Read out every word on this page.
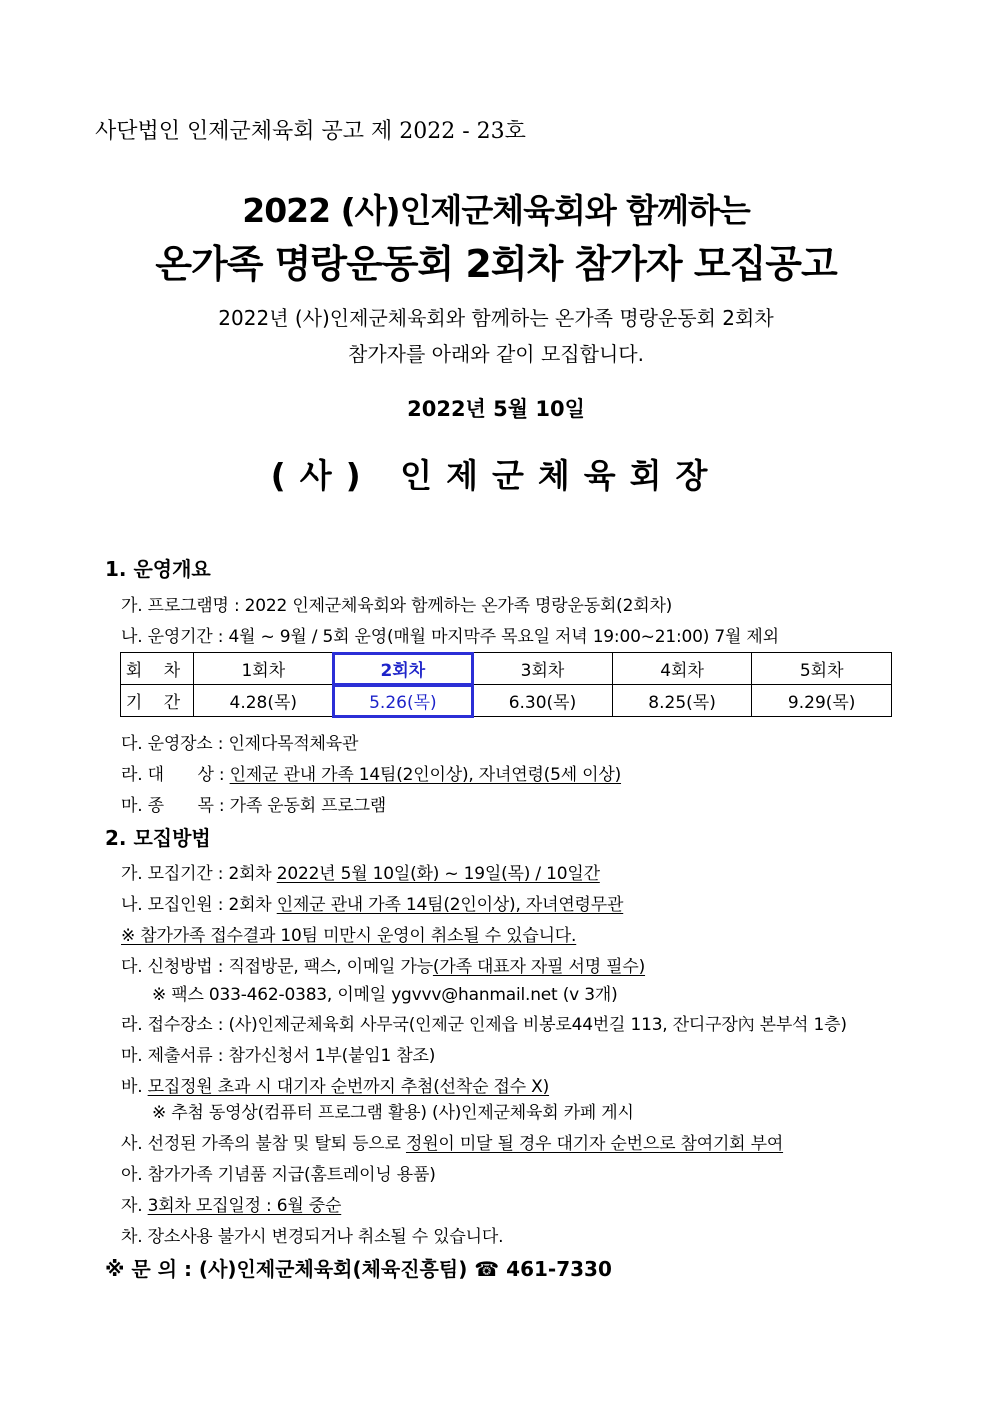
사단법인 인제군체육회 공고 제 2022 - 23호
2022 (사)인제군체육회와 함께하는
온가족 명랑운동회 2회차 참가자 모집공고
2022년 (사)인제군체육회와 함께하는 온가족 명랑운동회 2회차
참가자를 아래와 같이 모집합니다.
2022년 5월 10일
(사) 인제군체육회장
1. 운영개요
가. 프로그램명 : 2022 인제군체육회와 함께하는 온가족 명랑운동회(2회차)
나. 운영기간 : 4월 ~ 9월 / 5회 운영(매월 마지막주 목요일 저녁 19:00~21:00) 7월 제외
회 차	1회차	2회차	3회차	4회차	5회차
기 간	4.28(목)	5.26(목)	6.30(목)	8.25(목)	9.29(목)
다. 운영장소 : 인제다목적체육관
라. 대　　상 : 인제군 관내 가족 14팀(2인이상), 자녀연령(5세 이상)
마. 종　　목 : 가족 운동회 프로그램
2. 모집방법
가. 모집기간 : 2회차 2022년 5월 10일(화) ~ 19일(목) / 10일간
나. 모집인원 : 2회차 인제군 관내 가족 14팀(2인이상), 자녀연령무관
※ 참가가족 접수결과 10팀 미만시 운영이 취소될 수 있습니다.
다. 신청방법 : 직접방문, 팩스, 이메일 가능(가족 대표자 자필 서명 필수)
※ 팩스 033-462-0383, 이메일 ygvvv@hanmail.net (v 3개)
라. 접수장소 : (사)인제군체육회 사무국(인제군 인제읍 비봉로44번길 113, 잔디구장內 본부석 1층)
마. 제출서류 : 참가신청서 1부(붙임1 참조)
바. 모집정원 초과 시 대기자 순번까지 추첨(선착순 접수 X)
※ 추첨 동영상(컴퓨터 프로그램 활용) (사)인제군체육회 카페 게시
사. 선정된 가족의 불참 및 탈퇴 등으로 정원이 미달 될 경우 대기자 순번으로 참여기회 부여
아. 참가가족 기념품 지급(홈트레이닝 용품)
자. 3회차 모집일정 : 6월 중순
차. 장소사용 불가시 변경되거나 취소될 수 있습니다.
※ 문 의 : (사)인제군체육회(체육진흥팀) ☎ 461-7330
